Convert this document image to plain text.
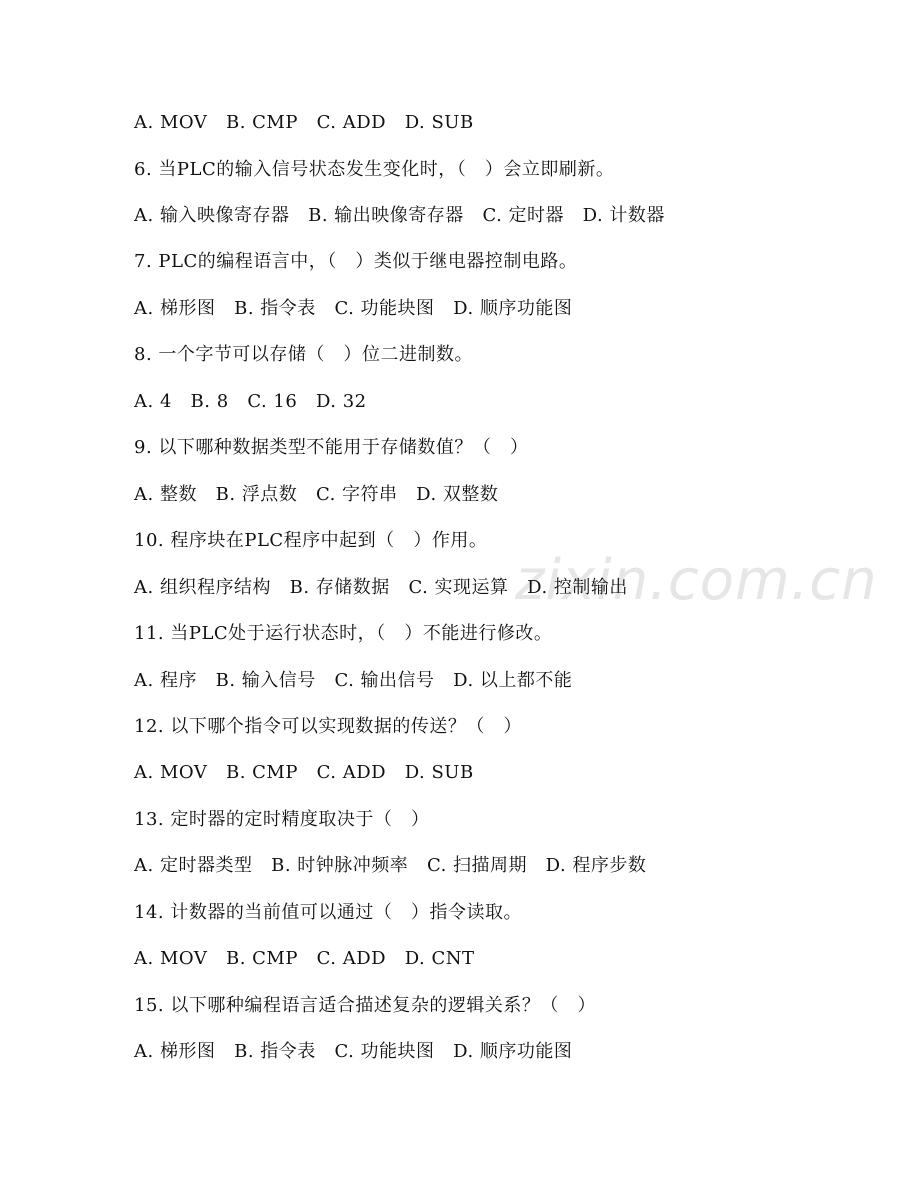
zixin.com.cn
A. MOV   B. CMP   C. ADD   D. SUB
6. 当PLC的输入信号状态发生变化时，（   ）会立即刷新。
A. 输入映像寄存器   B. 输出映像寄存器   C. 定时器   D. 计数器
7. PLC的编程语言中，（   ）类似于继电器控制电路。
A. 梯形图   B. 指令表   C. 功能块图   D. 顺序功能图
8. 一个字节可以存储（   ）位二进制数。
A. 4   B. 8   C. 16   D. 32
9. 以下哪种数据类型不能用于存储数值？（   ）
A. 整数   B. 浮点数   C. 字符串   D. 双整数
10. 程序块在PLC程序中起到（   ）作用。
A. 组织程序结构   B. 存储数据   C. 实现运算   D. 控制输出
11. 当PLC处于运行状态时，（   ）不能进行修改。
A. 程序   B. 输入信号   C. 输出信号   D. 以上都不能
12. 以下哪个指令可以实现数据的传送？（   ）
A. MOV   B. CMP   C. ADD   D. SUB
13. 定时器的定时精度取决于（   ）
A. 定时器类型   B. 时钟脉冲频率   C. 扫描周期   D. 程序步数
14. 计数器的当前值可以通过（   ）指令读取。
A. MOV   B. CMP   C. ADD   D. CNT
15. 以下哪种编程语言适合描述复杂的逻辑关系？（   ）
A. 梯形图   B. 指令表   C. 功能块图   D. 顺序功能图
